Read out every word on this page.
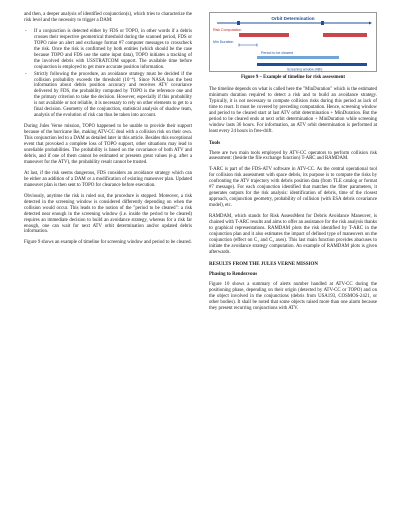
and then, a deeper analysis of identified conjunction(s), which tries to characterize the risk level and the necessity to trigger a DAM:

- If a conjunction is detected either by FDS or TOPO, in other words if a debris crosses their respective geometrical threshold during the scanned period, FDS or TOPO raise an alert and exchange format #7 computer messages to crosscheck the risk. Once the risk is confirmed by both entities (which should be the case because TOPO and FDS use the same input data), TOPO initiates a tracking of the involved debris with USSTRATCOM support. The available time before conjunction is employed to get more accurate position information.
- Strictly following the procedure, an avoidance strategy must be decided if the collision probability exceeds the threshold (10⁻⁴). Since NASA has the best information about debris position accuracy and receives ATV covariance delivered by FDS, the probability computed by TOPO is the reference one and the primary criterion to take the decision. However, especially if this probability is not available or not reliable, it is necessary to rely on other elements to get to a final decision. Geometry of the conjunction, statistical analysis of shadow team, analysis of the evolution of risk can thus be taken into account.

During Jules Verne mission, TOPO happened to be unable to provide their support because of the hurricane Ike, making ATV-CC deal with a collision risk on their own. This conjunction led to a DAM as detailed later in this article. Besides this exceptional event that provoked a complete loss of TOPO support, other situations may lead to unreliable probabilities. The probability is based on the covariance of both ATV and debris, and if one of them cannot be estimated or presents great values (e.g. after a maneuver for the ATV), the probability result cannot be trusted.

At last, if the risk seems dangerous, FDS considers an avoidance strategy which can be either an addition of a DAM or a modification of existing maneuver plan. Updated maneuver plan is then sent to TOPO for clearance before execution.

Obviously, anytime the risk is ruled out, the procedure is stopped. Moreover, a risk detected in the screening window is considered differently depending on when the collision would occur. This leads to the notion of the "period to be cleared": a risk detected near enough in the screening window (i.e. inside the period to be cleared) requires an immediate decision to build an avoidance strategy, whereas for a risk far enough, one can wait for next ATV orbit determination and/or updated debris information.

Figure 9 shows an example of timeline for screening window and period to be cleared.

Orbit Determination
Risk Computation
Min Duration
Period to be cleared
Screening window (48h)
Figure 9 – Example of timeline for risk assessment

The timeline depends on what is called here the "MinDuration" which is the estimated minimum duration required to detect a risk and to build an avoidance strategy. Typically, it is not necessary to compute collision risks during this period as lack of time to react. It must be covered by preceding computation. Hence, screening window and period to be cleared start at last ATV orbit determination + MinDuration. But the period to be cleared ends at next orbit determination + MinDuration while screening window lasts 36 hours. For information, an ATV orbit determination is performed at least every 24 hours in free-drift.

Tools

There are two main tools employed by ATV-CC operators to perform collision risk assessment: (beside the file exchange function) T-ARC and RAMDAM.

T-ARC is part of the FDS-ATV software in ATV-CC. As the central operational tool for collision risk assessment with space debris, its purpose is to compute the risks by confronting the ATV trajectory with debris position data (from TLE catalog or format #7 message). For each conjunction identified that matches the filter parameters, it generates outputs for the risk analysis: identification of debris, time of the closest approach, conjunction geometry, probability of collision (with ESA debris covariance model), etc.

RAMDAM, which stands for Risk AssessMent for Debris Avoidance Maneuver, is chained with T-ARC results and aims to offer an assistance for the risk analysis thanks to graphical representations. RAMDAM plots the risk identified by T-ARC in the conjunction plan and it also estimates the impact of defined type of maneuvers on the conjunction (effect on C₁ and C₂ axes). This last main function provides abacuses to initiate the avoidance strategy computation. An example of RAMDAM plots is given afterwards.

RESULTS FROM THE JULES VERNE MISSION
Phasing to Rendezvous

Figure 10 shows a summary of alerts number handled at ATV-CC during the positioning phase, depending on their origin (detected by ATV-CC or TOPO) and on the object involved in the conjunctions (debris from USA193, COSMOS-2421, or other bodies). It shall be noted that some objects raised more than one alarm because they present recurring conjunctions with ATV.
